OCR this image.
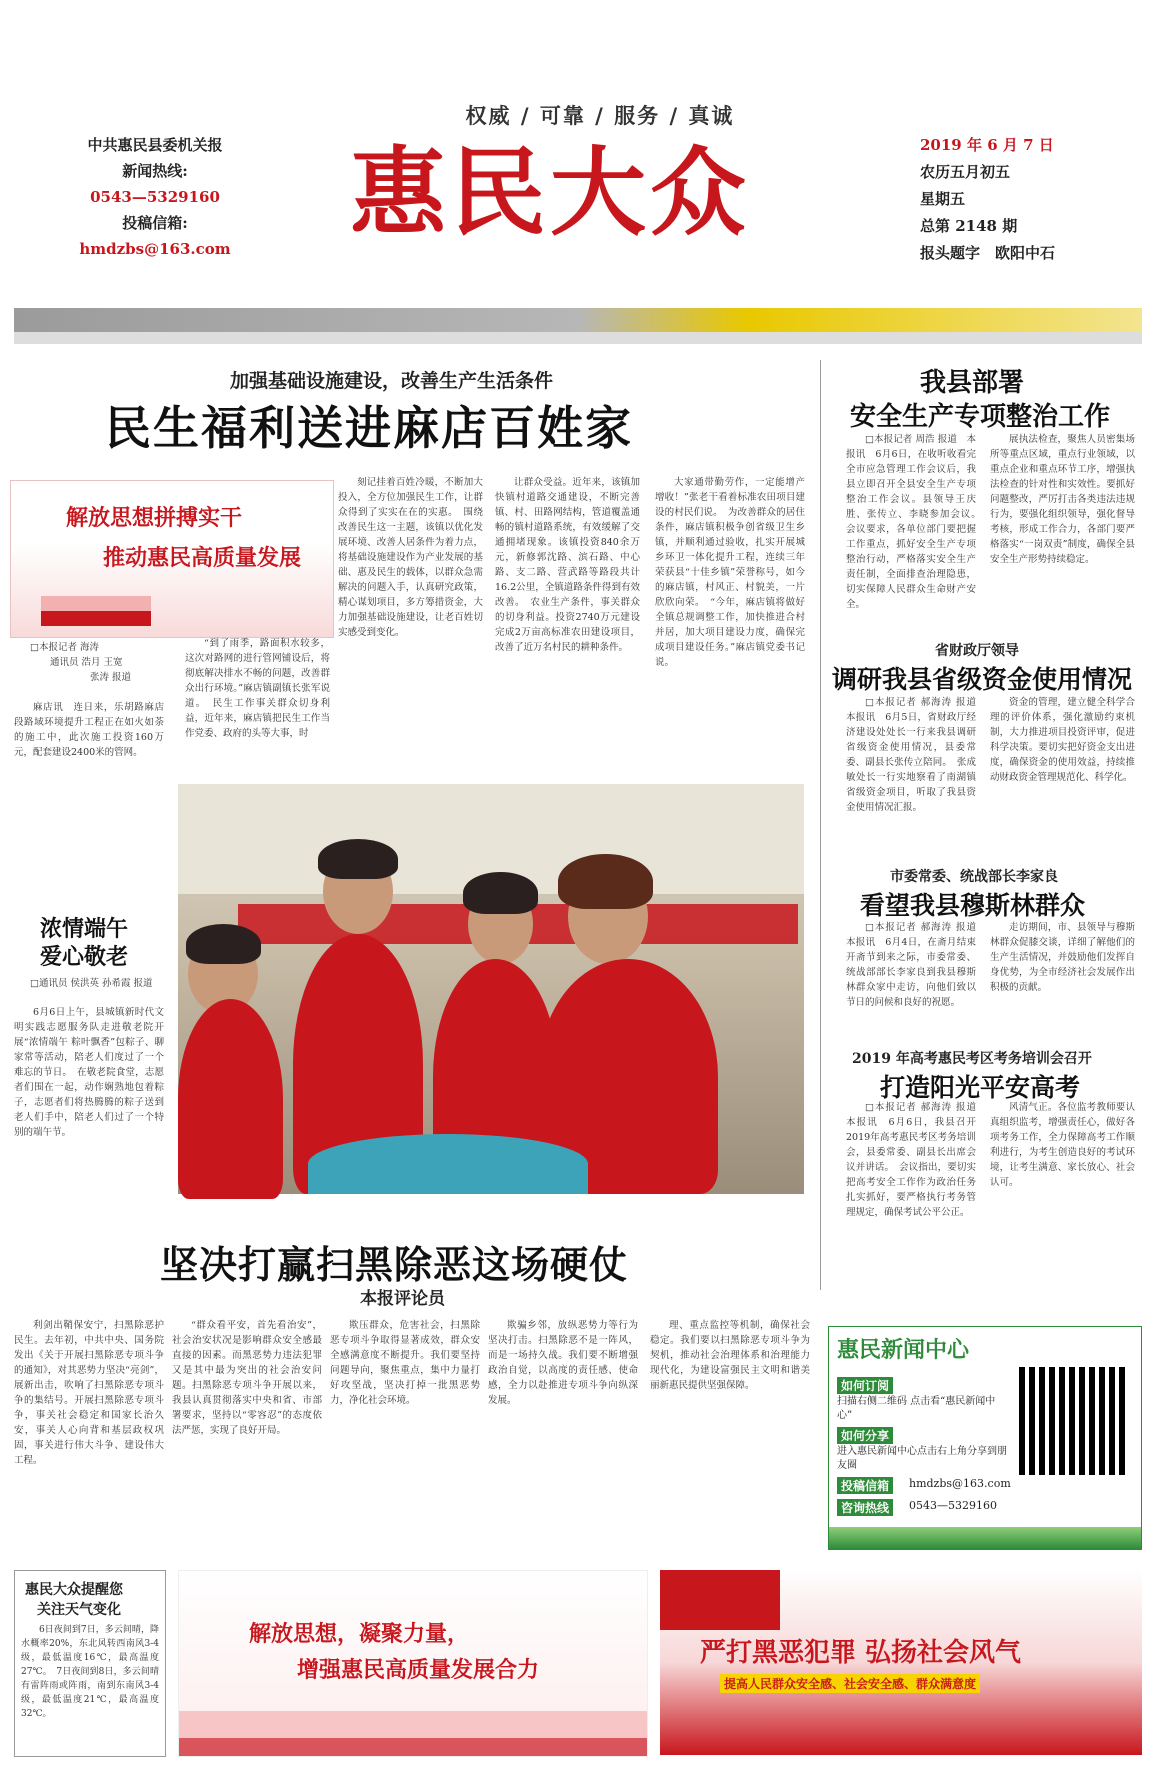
权威 / 可靠 / 服务 / 真诚
中共惠民县委机关报
新闻热线:
0543—5329160
投稿信箱:
hmdzbs@163.com 惠民大众	2019 年 6 月 7 日
农历五月初五
星期五
总第 2148 期
报头题字　欧阳中石
加强基础设施建设，改善生产生活条件
民生福利送进麻店百姓家
解放思想拼搏实干
推动惠民高质量发展
□本报记者 海涛
通讯员 浩月 王宽
张涛 报道

麻店讯　连日来，乐胡路麻店段路域环境提升工程正在如火如荼的施工中，此次施工投资160万元，配套建设2400米的管网。

“到了雨季，路面积水较多，这次对路网的进行管网铺设后，将彻底解决排水不畅的问题，改善群众出行环境。”麻店镇副镇长张军说道。　民生工作事关群众切身利益，近年来，麻店镇把民生工作当作党委、政府的头等大事，时

刻记挂着百姓冷暖，不断加大投入，全方位加强民生工作，让群众得到了实实在在的实惠。　围绕改善民生这一主题，该镇以优化发展环境、改善人居条件为着力点，将基础设施建设作为产业发展的基础、惠及民生的载体，以群众急需解决的问题入手，认真研究政策，精心谋划项目，多方筹措资金，大力加强基础设施建设，让老百姓切实感受到变化。

让群众受益。近年来，该镇加快镇村道路交通建设，不断完善镇、村、田路网结构，管道覆盖通畅的镇村道路系统，有效缓解了交通拥堵现象。该镇投资840余万元，新修郭沈路、滨石路、中心路、支二路、营武路等路段共计16.2公里，全镇道路条件得到有效改善。　农业生产条件，事关群众的切身利益。投资2740万元建设完成2万亩高标准农田建设项目，改善了近万名村民的耕种条件。

大家通带勤劳作，一定能增产增收！”张老干看着标准农田项目建设的村民们说。　为改善群众的居住条件，麻店镇积极争创省级卫生乡镇，并顺利通过验收，扎实开展城乡环卫一体化提升工程，连续三年荣获县“十佳乡镇”荣誉称号，如今的麻店镇，村风正、村貌美，一片欣欣向荣。　“今年，麻店镇将做好全镇总规调整工作，加快推进合村并居，加大项目建设力度，确保完成项目建设任务。”麻店镇党委书记说。

我县部署
安全生产专项整治工作

□本报记者 周浩 报道　本报讯　6月6日，在收听收看完全市应急管理工作会议后，我县立即召开全县安全生产专项整治工作会议。县领导王庆胜、张传立、李晓参加会议。　会议要求，各单位部门要把握工作重点，抓好安全生产专项整治行动，严格落实安全生产责任制，全面排查治理隐患，切实保障人民群众生命财产安全。

展执法检查，聚焦人员密集场所等重点区域，重点行业领域，以重点企业和重点环节工序，增强执法检查的针对性和实效性。要抓好问题整改，严厉打击各类违法违规行为，要强化组织领导，强化督导考核，形成工作合力，各部门要严格落实“一岗双责”制度，确保全县安全生产形势持续稳定。

省财政厅领导
调研我县省级资金使用情况

□本报记者 郝海涛 报道　本报讯　6月5日，省财政厅经济建设处处长一行来我县调研省级资金使用情况，县委常委、副县长张传立陪同。　张成敏处长一行实地察看了南湖镇省级资金项目，听取了我县资金使用情况汇报。

资金的管理，建立健全科学合理的评价体系，强化激励约束机制，大力推进项目投资评审，促进科学决策。要切实把好资金支出进度，确保资金的使用效益，持续推动财政资金管理规范化、科学化。

市委常委、统战部长李家良
看望我县穆斯林群众

□本报记者 郝海涛 报道　本报讯　6月4日，在斋月结束开斋节到来之际，市委常委、统战部部长李家良到我县穆斯林群众家中走访，向他们致以节日的问候和良好的祝愿。

走访期间，市、县领导与穆斯林群众促膝交谈，详细了解他们的生产生活情况，并鼓励他们发挥自身优势，为全市经济社会发展作出积极的贡献。

2019 年高考惠民考区考务培训会召开
打造阳光平安高考

□本报记者 郝海涛 报道　本报讯　6月6日，我县召开2019年高考惠民考区考务培训会，县委常委、副县长出席会议并讲话。　会议指出，要切实把高考安全工作作为政治任务扎实抓好，要严格执行考务管理规定，确保考试公平公正。

风清气正。各位监考教师要认真组织监考，增强责任心，做好各项考务工作，全力保障高考工作顺利进行，为考生创造良好的考试环境，让考生满意、家长放心、社会认可。

浓情端午
爱心敬老
□通讯员 侯洪英 孙希霞 报道

6月6日上午，县城镇新时代文明实践志愿服务队走进敬老院开展“浓情端午 粽叶飘香”包粽子、聊家常等活动，陪老人们度过了一个难忘的节日。　在敬老院食堂，志愿者们围在一起，动作娴熟地包着粽子，志愿者们将热腾腾的粽子送到老人们手中，陪老人们过了一个特别的端午节。

坚决打赢扫黑除恶这场硬仗
本报评论员

利剑出鞘保安宁，扫黑除恶护民生。去年初，中共中央、国务院发出《关于开展扫黑除恶专项斗争的通知》，对其恶势力坚决“亮剑”，展新出击，吹响了扫黑除恶专项斗争的集结号。开展扫黑除恶专项斗争，事关社会稳定和国家长治久安，事关人心向背和基层政权巩固，事关进行伟大斗争、建设伟大工程。

“群众看平安，首先看治安”，社会治安状况是影响群众安全感最直接的因素。而黑恶势力违法犯罪又是其中最为突出的社会治安问题。扫黑除恶专项斗争开展以来，我县认真贯彻落实中央和省、市部署要求，坚持以“零容忍”的态度依法严惩，实现了良好开局。

欺压群众，危害社会，扫黑除恶专项斗争取得显著成效，群众安全感满意度不断提升。我们要坚持问题导向，聚焦重点，集中力量打好攻坚战，坚决打掉一批黑恶势力，净化社会环境。

欺骗乡邻，放纵恶势力等行为坚决打击。扫黑除恶不是一阵风，而是一场持久战。我们要不断增强政治自觉，以高度的责任感、使命感，全力以赴推进专项斗争向纵深发展。

理、重点监控等机制，确保社会稳定。我们要以扫黑除恶专项斗争为契机，推动社会治理体系和治理能力现代化，为建设富强民主文明和谐美丽新惠民提供坚强保障。

惠民新闻中心
如何订阅
扫描右侧二维码 点击看“惠民新闻中心”
如何分享
进入惠民新闻中心点击右上角分享到朋友圈
投稿信箱	hmdzbs@163.com
咨询热线	0543—5329160
惠民大众提醒您
关注天气变化

6日夜间到7日，多云间晴，降水概率20%，东北风转西南风3-4级，最低温度16℃，最高温度27℃。　7日夜间到8日，多云间晴有雷阵雨或阵雨，南到东南风3-4级，最低温度21℃，最高温度32℃。

解放思想，凝聚力量，
增强惠民高质量发展合力
严打黑恶犯罪 弘扬社会风气
提高人民群众安全感、社会安全感、群众满意度
